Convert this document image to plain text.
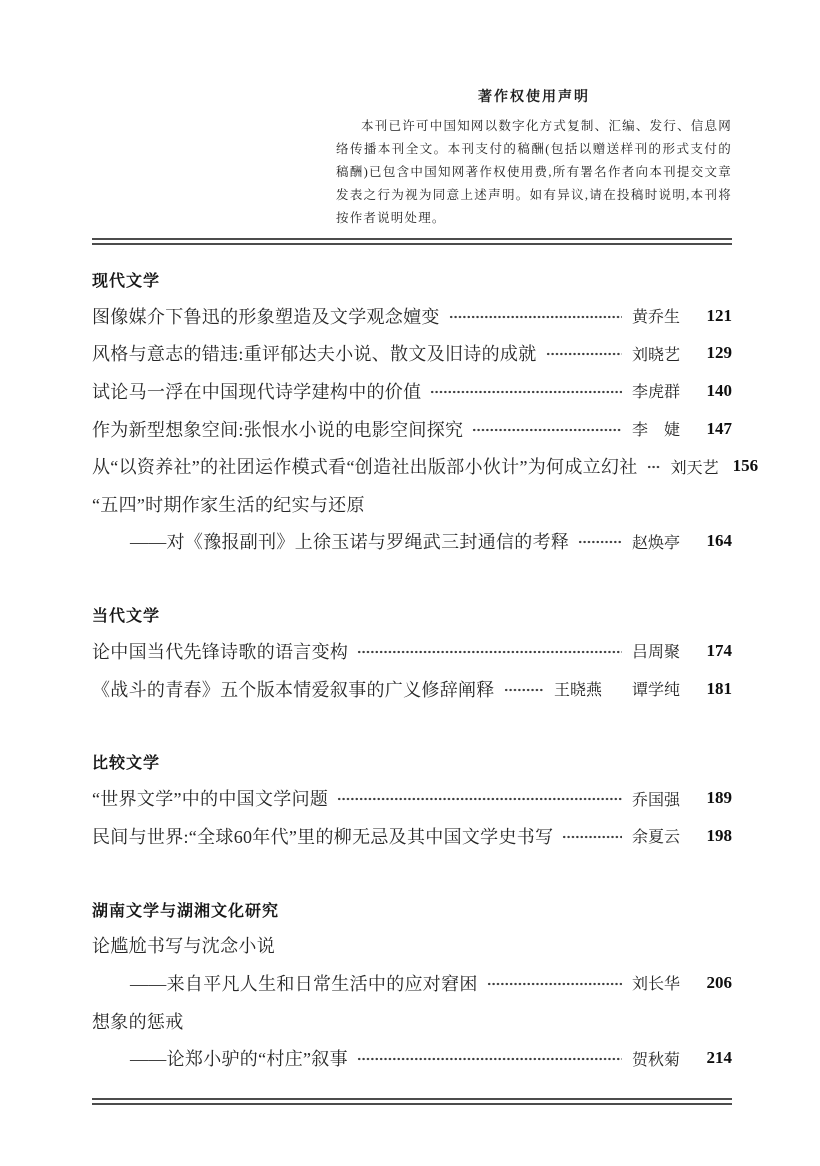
著作权使用声明
本刊已许可中国知网以数字化方式复制、汇编、发行、信息网络传播本刊全文。本刊支付的稿酬(包括以赠送样刊的形式支付的稿酬)已包含中国知网著作权使用费,所有署名作者向本刊提交文章发表之行为视为同意上述声明。如有异议,请在投稿时说明,本刊将按作者说明处理。
现代文学
图像媒介下鲁迅的形象塑造及文学观念嬗变	黄乔生	121
风格与意志的错违:重评郁达夫小说、散文及旧诗的成就	刘晓艺	129
试论马一浮在中国现代诗学建构中的价值	李虎群	140
作为新型想象空间:张恨水小说的电影空间探究	李　婕	147
从“以资养社”的社团运作模式看“创造社出版部小伙计”为何成立幻社 刘天艺 156
“五四”时期作家生活的纪实与还原
——对《豫报副刊》上徐玉诺与罗绳武三封通信的考释	赵焕亭	164
当代文学
论中国当代先锋诗歌的语言变构	吕周聚	174
《战斗的青春》五个版本情爱叙事的广义修辞阐释	王晓燕 谭学纯	181
比较文学
“世界文学”中的中国文学问题	乔国强	189
民间与世界:“全球60年代”里的柳无忌及其中国文学史书写	余夏云	198
湖南文学与湖湘文化研究
论尴尬书写与沈念小说
——来自平凡人生和日常生活中的应对窘困	刘长华	206
想象的惩戒
——论郑小驴的“村庄”叙事	贺秋菊	214
